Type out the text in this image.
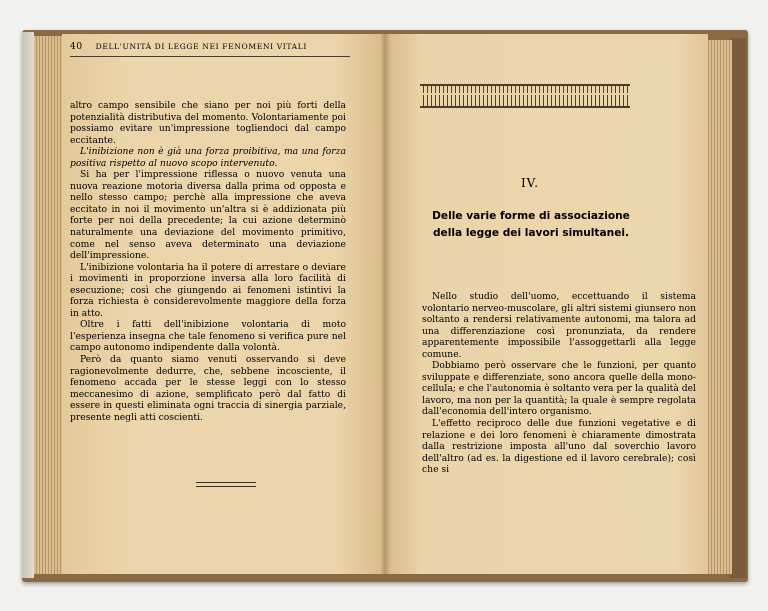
40 DELL'UNITÀ DI LEGGE NEI FENOMENI VITALI

altro campo sensibile che siano per noi più forti della potenzialità distributiva del momento. Volontariamente poi possiamo evitare un'impressione togliendoci dal campo eccitante.

L'inibizione non è già una forza proibitiva, ma una forza positiva rispetto al nuovo scopo intervenuto.

Si ha per l'impressione riflessa o nuovo venuta una nuova reazione motoria diversa dalla prima od opposta e nello stesso campo; perchè alla impressione che aveva eccitato in noi il movimento un'altra si è addizionata più forte per noi della precedente; la cui azione determinò naturalmente una deviazione del movimento primitivo, come nel senso aveva determinato una deviazione dell'impressione.

L'inibizione volontaria ha il potere di arrestare o deviare i movimenti in proporzione inversa alla loro facilità di esecuzione; così che giungendo ai fenomeni istintivi la forza richiesta è considerevolmente maggiore della forza in atto.

Oltre i fatti dell'inibizione volontaria di moto l'esperienza insegna che tale fenomeno si verifica pure nel campo autonomo indipendente dalla volontà.

Però da quanto siamo venuti osservando si deve ragionevolmente dedurre, che, sebbene incosciente, il fenomeno accada per le stesse leggi con lo stesso meccanesimo di azione, semplificato però dal fatto di essere in questi eliminata ogni traccia di sinergia parziale, presente negli atti coscienti.

IV.
Delle varie forme di associazione
della legge dei lavori simultanei.

Nello studio dell'uomo, eccettuando il sistema volontario nerveo-muscolare, gli altri sistemi giunsero non soltanto a rendersi relativamente autonomi, ma talora ad una differenziazione così pronunziata, da rendere apparentemente impossibile l'assoggettarli alla legge comune.

Dobbiamo però osservare che le funzioni, per quanto sviluppate e differenziate, sono ancora quelle della mono-cellula; e che l'autonomia è soltanto vera per la qualità del lavoro, ma non per la quantità; la quale è sempre regolata dall'economia dell'intero organismo.

L'effetto reciproco delle due funzioni vegetative e di relazione e dei loro fenomeni è chiaramente dimostrata dalla restrizione imposta all'uno dal soverchio lavoro dell'altro (ad es. la digestione ed il lavoro cerebrale); così che si
